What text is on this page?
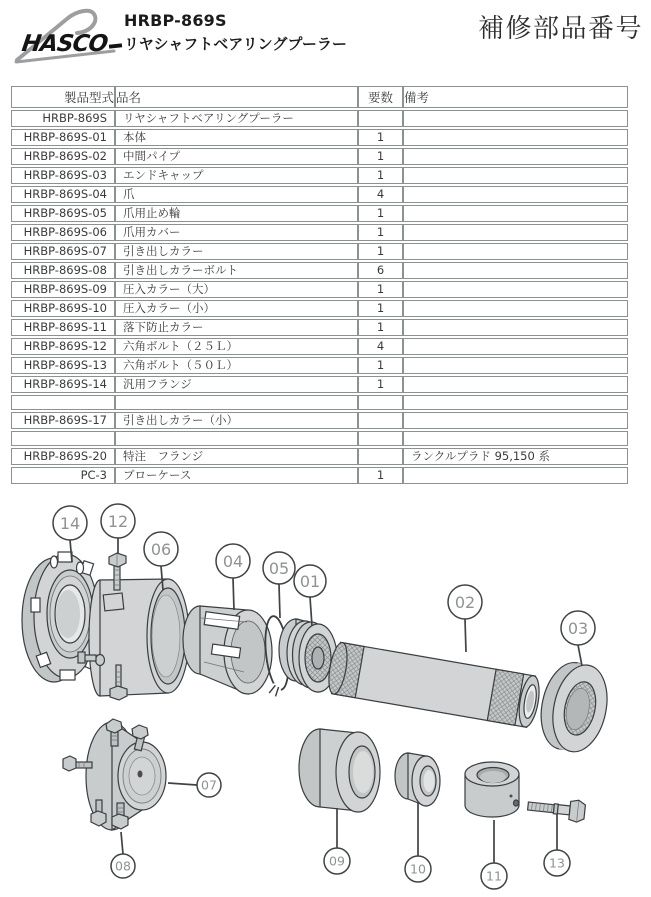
HASCO
HRBP-869S
リヤシャフトベアリングプーラー	補修部品番号
製品型式	品名	要数	備考
HRBP-869S	リヤシャフトベアリングプーラー		
HRBP-869S-01	本体	1	
HRBP-869S-02	中間パイプ	1	
HRBP-869S-03	エンドキャップ	1	
HRBP-869S-04	爪	4	
HRBP-869S-05	爪用止め輪	1	
HRBP-869S-06	爪用カバー	1	
HRBP-869S-07	引き出しカラー	1	
HRBP-869S-08	引き出しカラーボルト	6	
HRBP-869S-09	圧入カラー（大）	1	
HRBP-869S-10	圧入カラー（小）	1	
HRBP-869S-11	落下防止カラー	1	
HRBP-869S-12	六角ボルト（２５Ｌ）	4	
HRBP-869S-13	六角ボルト（５０Ｌ）	1	
HRBP-869S-14	汎用フランジ	1	

HRBP-869S-17	引き出しカラー（小）		

HRBP-869S-20	特注　フランジ		ランクルプラド 95,150 系
PC-3	ブローケース	1	
14 12
06
04 05
01
02
03
07
08	09
10	11
13
